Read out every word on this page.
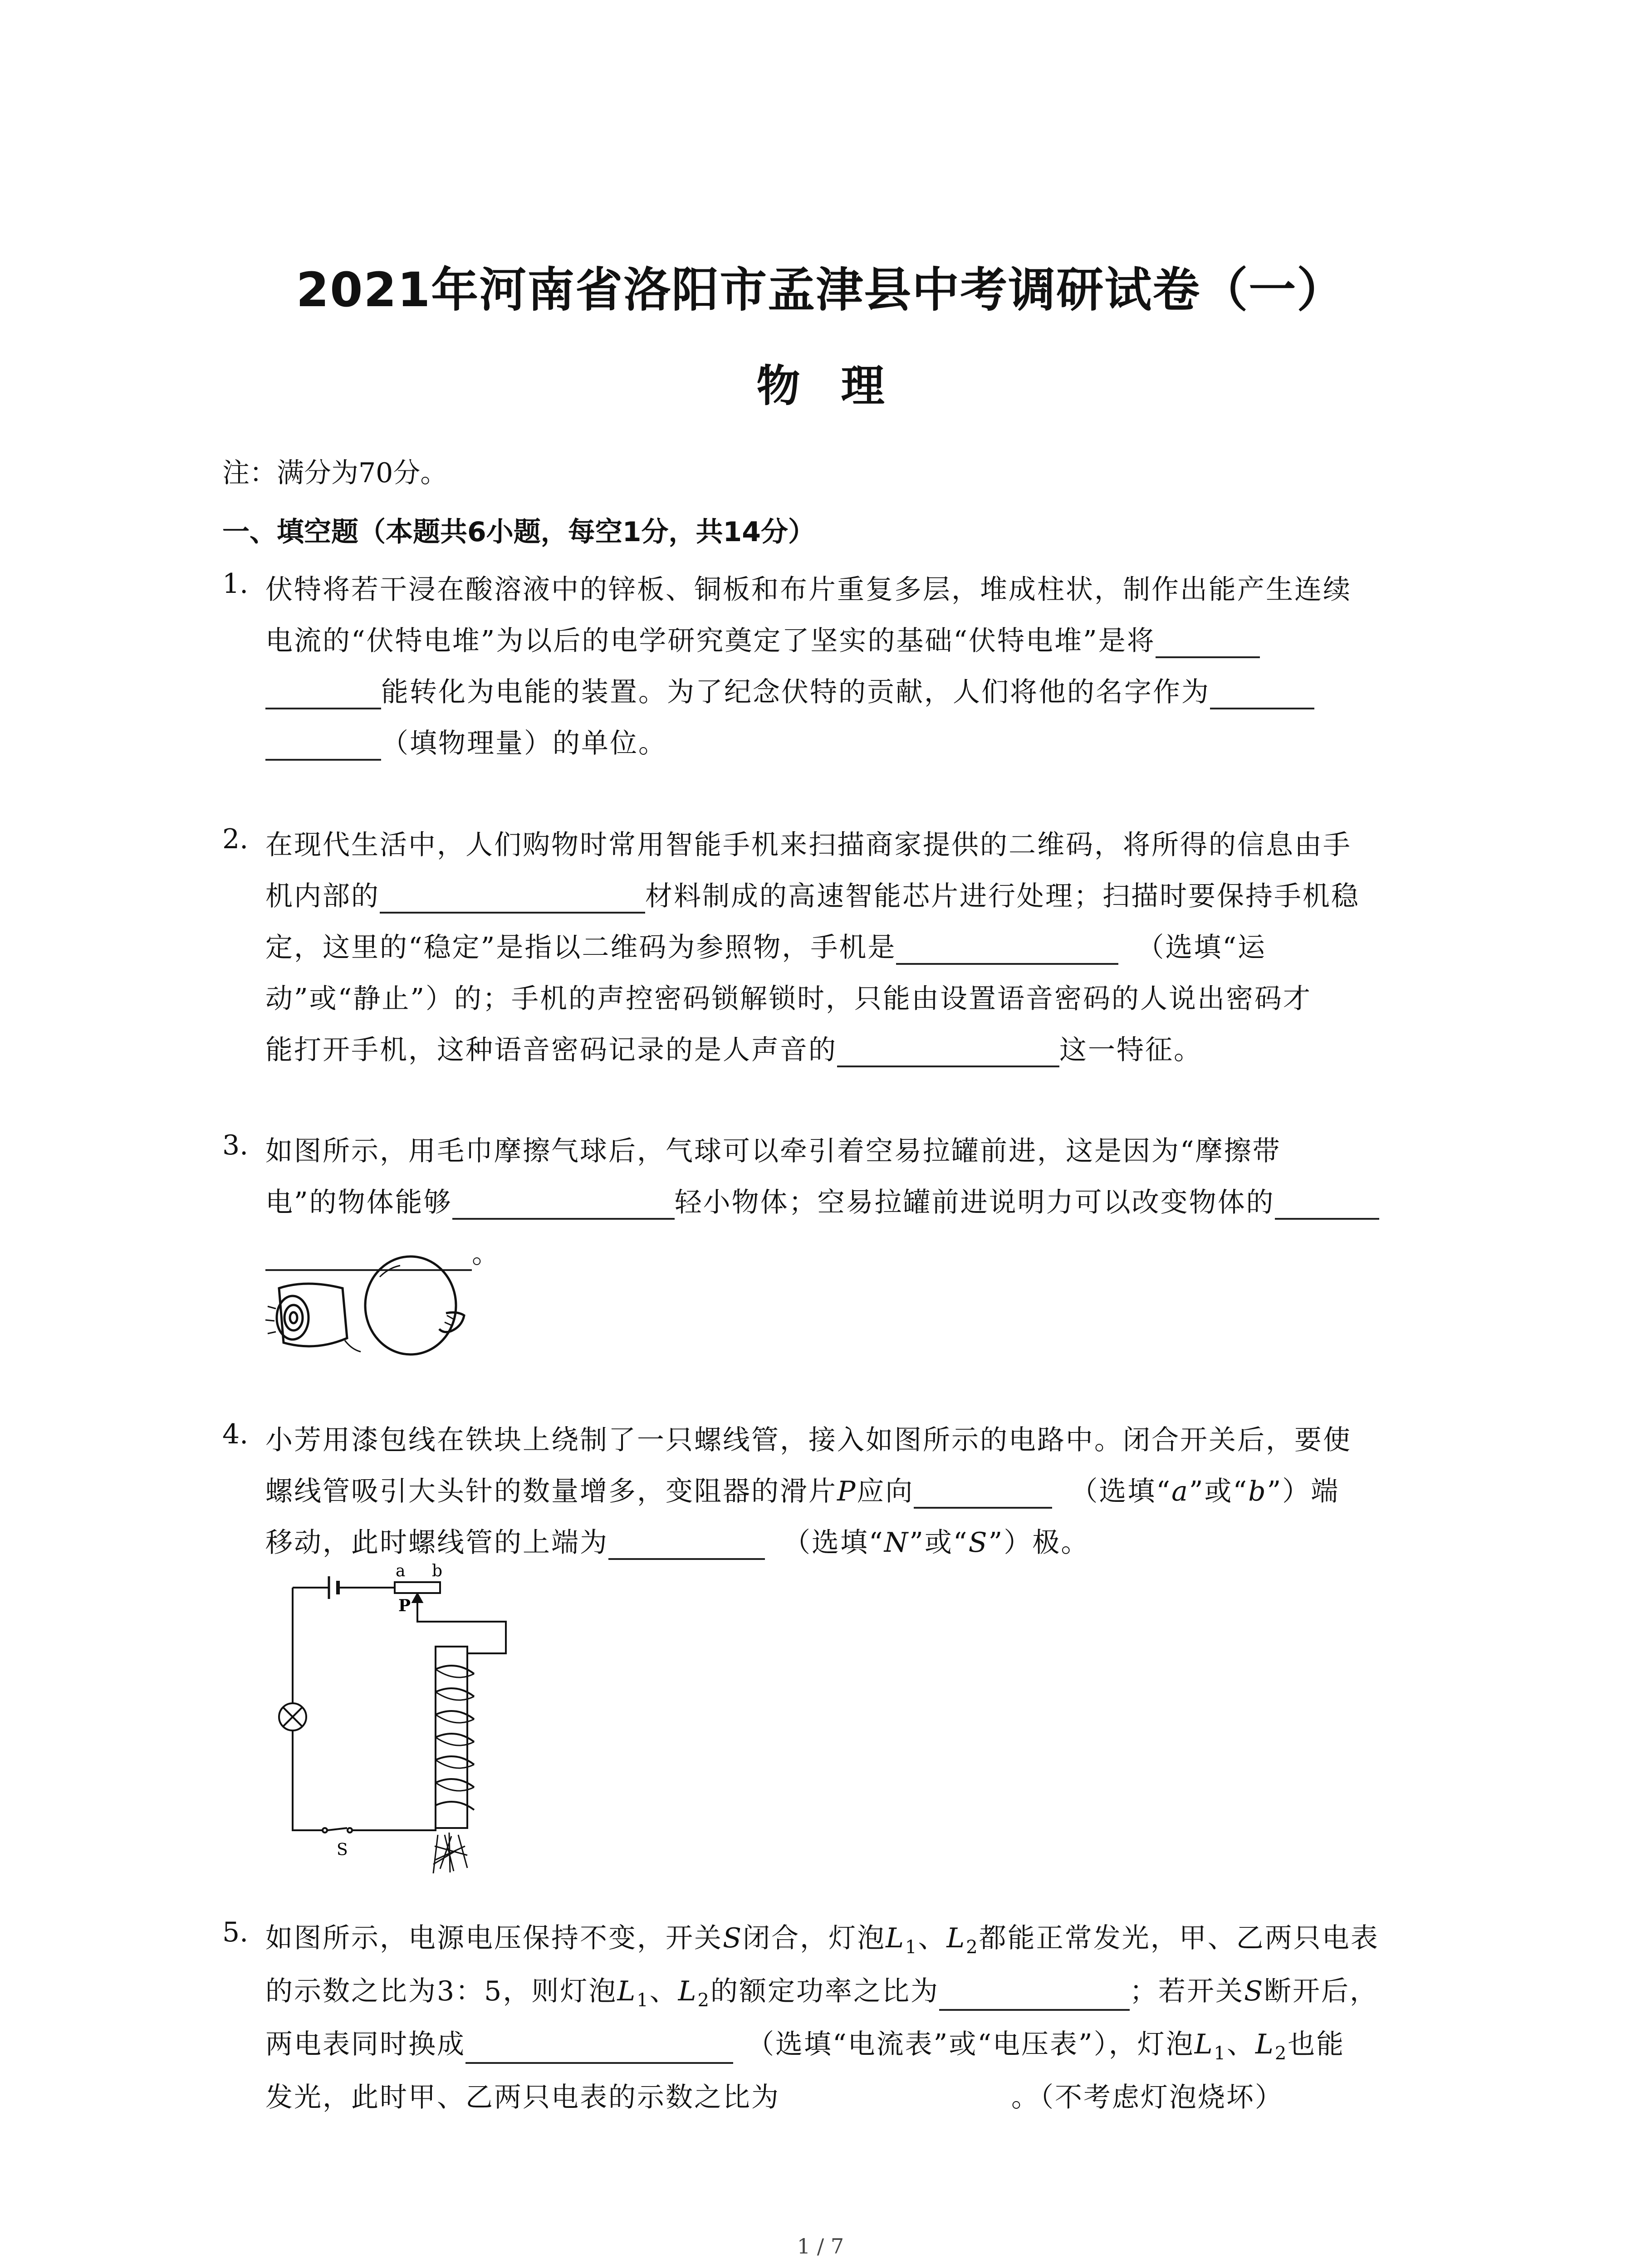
2021年河南省洛阳市孟津县中考调研试卷（一）
物理
注：满分为70分。
一、填空题（本题共6小题，每空1分，共14分）
1. 伏特将若干浸在酸溶液中的锌板、铜板和布片重复多层，堆成柱状，制作出能产生连续
电流的“伏特电堆”为以后的电学研究奠定了坚实的基础“伏特电堆”是将
能转化为电能的装置。为了纪念伏特的贡献，人们将他的名字作为
（填物理量）的单位。
2. 在现代生活中，人们购物时常用智能手机来扫描商家提供的二维码，将所得的信息由手
机内部的	材料制成的高速智能芯片进行处理；扫描时要保持手机稳
定，这里的“稳定”是指以二维码为参照物，手机是	（选填“运
动”或“静止”）的；手机的声控密码锁解锁时，只能由设置语音密码的人说出密码才
能打开手机，这种语音密码记录的是人声音的	这一特征。
3. 如图所示，用毛巾摩擦气球后，气球可以牵引着空易拉罐前进，这是因为“摩擦带
电”的物体能够	轻小物体；空易拉罐前进说明力可以改变物体的
。
4. 小芳用漆包线在铁块上绕制了一只螺线管，接入如图所示的电路中。闭合开关后，要使
螺线管吸引大头针的数量增多，变阻器的滑片P应向	（选填“a”或“b”）端
移动，此时螺线管的上端为	（选填“N”或“S”）极。
a b
P
S
5. 如图所示，电源电压保持不变，开关S闭合，灯泡$L_1$、$L_2$都能正常发光，甲、乙两只电表
的示数之比为3：5，则灯泡$L_1$、$L_2$的额定功率之比为	；若开关S断开后，
两电表同时换成	（选填“电流表”或“电压表”），灯泡$L_1$、$L_2$也能
发光，此时甲、乙两只电表的示数之比为	。（不考虑灯泡烧坏）
1 / 7
